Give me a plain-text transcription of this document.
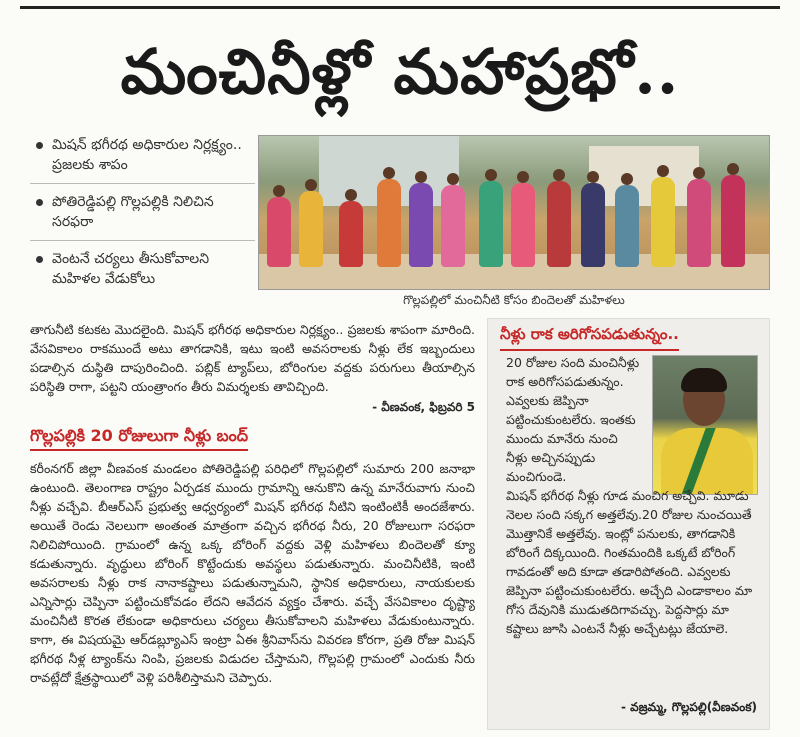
మంచినీళ్లో మహాప్రభో..
మిషన్ భగీరథ అధికారుల నిర్లక్ష్యం.. ప్రజలకు శాపం
పోతిరెడ్డిపల్లి గొల్లపల్లికి నిలిచిన సరఫరా
వెంటనే చర్యలు తీసుకోవాలని మహిళల వేడుకోలు
గొల్లపల్లిలో మంచినీటి కోసం బిందెలతో మహిళలు

తాగునీటి కటకట మొదలైంది. మిషన్ భగీరథ అధికారుల నిర్లక్ష్యం.. ప్రజలకు శాపంగా మారింది. వేసవికాలం రాకముందే అటు తాగడానికి, ఇటు ఇంటి అవసరాలకు నీళ్లు లేక ఇబ్బందులు పడాల్సిన దుస్థితి దాపురించింది. పబ్లిక్ ట్యాప్‌లు, బోరింగుల వద్దకు పరుగులు తీయాల్సిన పరిస్థితి రాగా, పట్టని యంత్రాంగం తీరు విమర్శలకు తావిచ్చింది.

- వీణవంక, ఫిబ్రవరి 5
గొల్లపల్లికి 20 రోజులుగా నీళ్లు బంద్

కరీంనగర్ జిల్లా వీణవంక మండలం పోతిరెడ్డిపల్లి పరిధిలో గొల్లపల్లిలో సుమారు 200 జనాభా ఉంటుంది. తెలంగాణ రాష్ట్రం ఏర్పడక ముందు గ్రామాన్ని ఆనుకొని ఉన్న మానేరువాగు నుంచి నీళ్లు వచ్చేవి. బీఆర్ఎస్ ప్రభుత్వ ఆధ్వర్యంలో మిషన్ భగీరథ నీటిని ఇంటింటికీ అందజేశారు. అయితే రెండు నెలలుగా అంతంత మాత్రంగా వచ్చిన భగీరథ నీరు, 20 రోజులుగా సరఫరా నిలిచిపోయింది. గ్రామంలో ఉన్న ఒక్క బోరింగ్ వద్దకు వెళ్లి మహిళలు బిందెలతో క్యూ కడుతున్నారు. వృద్ధులు బోరింగ్ కొట్టేందుకు అవస్థలు పడుతున్నారు. మంచినీటికి, ఇంటి అవసరాలకు నీళ్లు రాక నానాకష్టాలు పడుతున్నామని, స్థానిక అధికారులు, నాయకులకు ఎన్నిసార్లు చెప్పినా పట్టించుకోవడం లేదని ఆవేదన వ్యక్తం చేశారు. వచ్చే వేసవికాలం దృష్ట్యా మంచినీటి కొరత లేకుండా అధికారులు చర్యలు తీసుకోవాలని మహిళలు వేడుకుంటున్నారు. కాగా, ఈ విషయమై ఆర్‌డబ్ల్యూఎస్ ఇంట్రా ఏఈ శ్రీనివాస్‌ను వివరణ కోరగా, ప్రతి రోజు మిషన్ భగీరథ నీళ్ల ట్యాంక్‌ను నింపి, ప్రజలకు విడుదల చేస్తామని, గొల్లపల్లి గ్రామంలో ఎందుకు నీరు రావట్లేదో క్షేత్రస్థాయిలో వెళ్లి పరిశీలిస్తామని చెప్పారు.

నీళ్లు రాక అరిగోసపడుతున్నం..
20 రోజుల సంది మంచినీళ్లు రాక అరిగోసపడుతున్నం. ఎవ్వలకు జెప్పినా పట్టించుకుంటలేరు. ఇంతకు ముందు మానేరు నుంచి నీళ్లు అచ్చినప్పుడు మంచిగుండె.
మిషన్ భగీరథ నీళ్లు గూడ మంచిగ అచ్చేవి. మూడు నెలల సంది సక్కగ అత్తలేవు.20 రోజుల నుంచయితే మొత్తానికే అత్తలేవు. ఇంట్లో పనులకు, తాగడానికి బోరింగే దిక్కయింది. గింతమందికి ఒక్కటే బోరింగ్ గావడంతో అది కూడా తడారిపోతంది. ఎవ్వలకు జెప్పినా పట్టించుకుంటలేరు. అచ్చేది ఎండాకాలం మా గోస దేవునికి ముడుతదిగావచ్చు. పెద్దసార్లు మా కష్టాలు జూసి ఎంటనే నీళ్లు అచ్చేటట్లు జేయాలె.
- వజ్రమ్మ, గొల్లపల్లి(వీణవంక)
